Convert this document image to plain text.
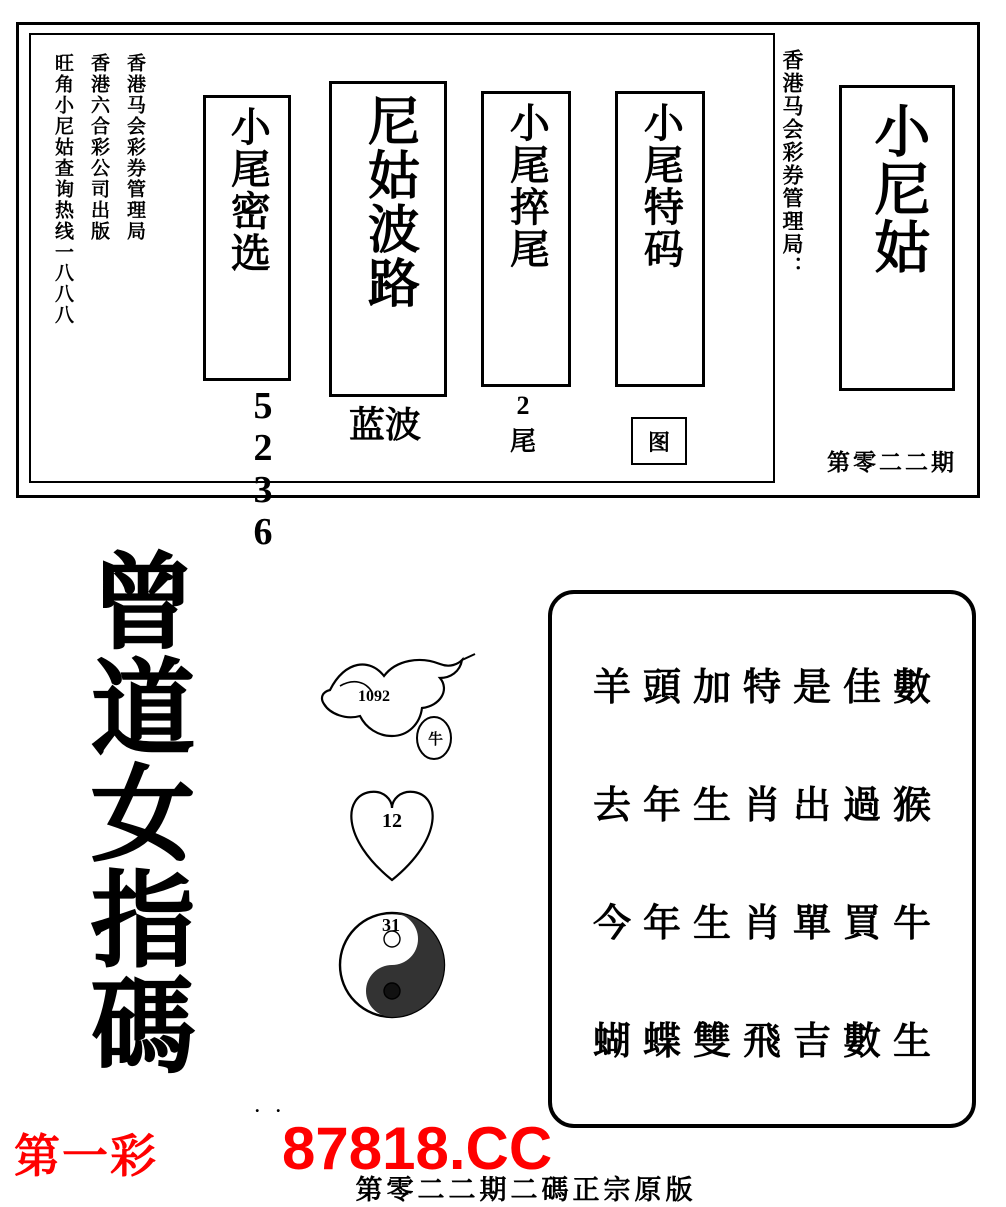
旺角小尼姑查询热线一八八八 香港六合彩公司出版 香港马会彩券管理局 小尾密选
5236
尼姑波路
蓝波
小尾捽尾
2
尾
小尾特码
图
香港马会彩券管理局： 小尼姑
第零二二期
曾
道
女
指
碼
1092
牛
12
31
羊頭加特是佳數
去年生肖出過猴
今年生肖單買牛
蝴蝶雙飛吉數生
. .
第一彩 87818.CC
第零二二期二碼正宗原版
